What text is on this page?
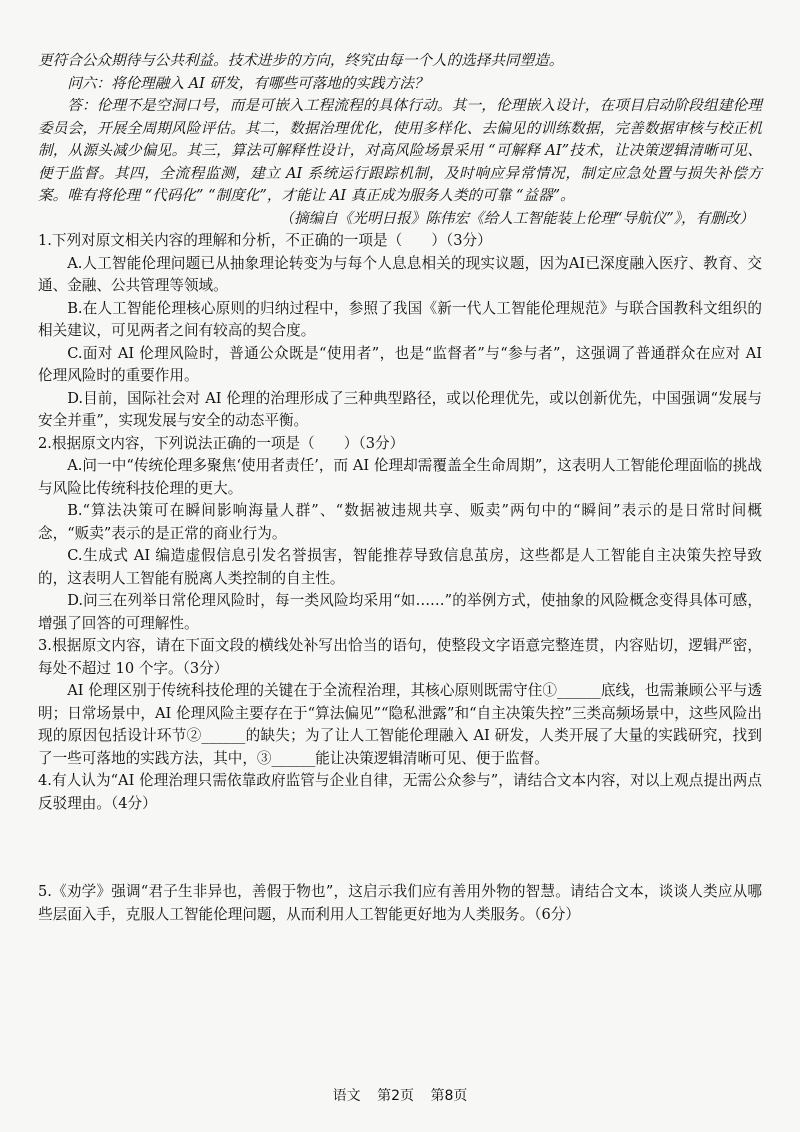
更符合公众期待与公共利益。技术进步的方向，终究由每一个人的选择共同塑造。

问六：将伦理融入 AI 研发，有哪些可落地的实践方法？

答：伦理不是空洞口号，而是可嵌入工程流程的具体行动。其一，伦理嵌入设计，在项目启动阶段组建伦理委员会，开展全周期风险评估。其二，数据治理优化，使用多样化、去偏见的训练数据，完善数据审核与校正机制，从源头减少偏见。其三，算法可解释性设计，对高风险场景采用 “可解释 AI”技术，让决策逻辑清晰可见、便于监督。其四，全流程监测，建立 AI 系统运行跟踪机制，及时响应异常情况，制定应急处置与损失补偿方案。唯有将伦理 “代码化” “制度化”，才能让 AI 真正成为服务人类的可靠 “益器”。

（摘编自《光明日报》陈伟宏《给人工智能装上伦理“导航仪”》，有删改）

1.下列对原文相关内容的理解和分析，不正确的一项是（　　）（3分）

A.人工智能伦理问题已从抽象理论转变为与每个人息息相关的现实议题，因为AI已深度融入医疗、教育、交通、金融、公共管理等领域。

B.在人工智能伦理核心原则的归纳过程中，参照了我国《新一代人工智能伦理规范》与联合国教科文组织的相关建议，可见两者之间有较高的契合度。

C.面对 AI 伦理风险时，普通公众既是“使用者”，也是“监督者”与“参与者”，这强调了普通群众在应对 AI 伦理风险时的重要作用。

D.目前，国际社会对 AI 伦理的治理形成了三种典型路径，或以伦理优先，或以创新优先，中国强调“发展与安全并重”，实现发展与安全的动态平衡。

2.根据原文内容，下列说法正确的一项是（　　）（3分）

A.问一中“传统伦理多聚焦‘使用者责任’，而 AI 伦理却需覆盖全生命周期”，这表明人工智能伦理面临的挑战与风险比传统科技伦理的更大。

B.“算法决策可在瞬间影响海量人群”、“数据被违规共享、贩卖”两句中的“瞬间”表示的是日常时间概念，“贩卖”表示的是正常的商业行为。

C.生成式 AI 编造虚假信息引发名誉损害，智能推荐导致信息茧房，这些都是人工智能自主决策失控导致的，这表明人工智能有脱离人类控制的自主性。

D.问三在列举日常伦理风险时，每一类风险均采用“如……”的举例方式，使抽象的风险概念变得具体可感，增强了回答的可理解性。

3.根据原文内容，请在下面文段的横线处补写出恰当的语句，使整段文字语意完整连贯，内容贴切，逻辑严密，每处不超过 10 个字。（3分）

AI 伦理区别于传统科技伦理的关键在于全流程治理，其核心原则既需守住①______底线，也需兼顾公平与透明；日常场景中，AI 伦理风险主要存在于“算法偏见”“隐私泄露”和“自主决策失控”三类高频场景中，这些风险出现的原因包括设计环节②______的缺失；为了让人工智能伦理融入 AI 研发，人类开展了大量的实践研究，找到了一些可落地的实践方法，其中，③______能让决策逻辑清晰可见、便于监督。

4.有人认为“AI 伦理治理只需依靠政府监管与企业自律，无需公众参与”，请结合文本内容，对以上观点提出两点反驳理由。（4分）

5.《劝学》强调“君子生非异也，善假于物也”，这启示我们应有善用外物的智慧。请结合文本，谈谈人类应从哪些层面入手，克服人工智能伦理问题，从而利用人工智能更好地为人类服务。（6分）

语文 第2页 第8页
